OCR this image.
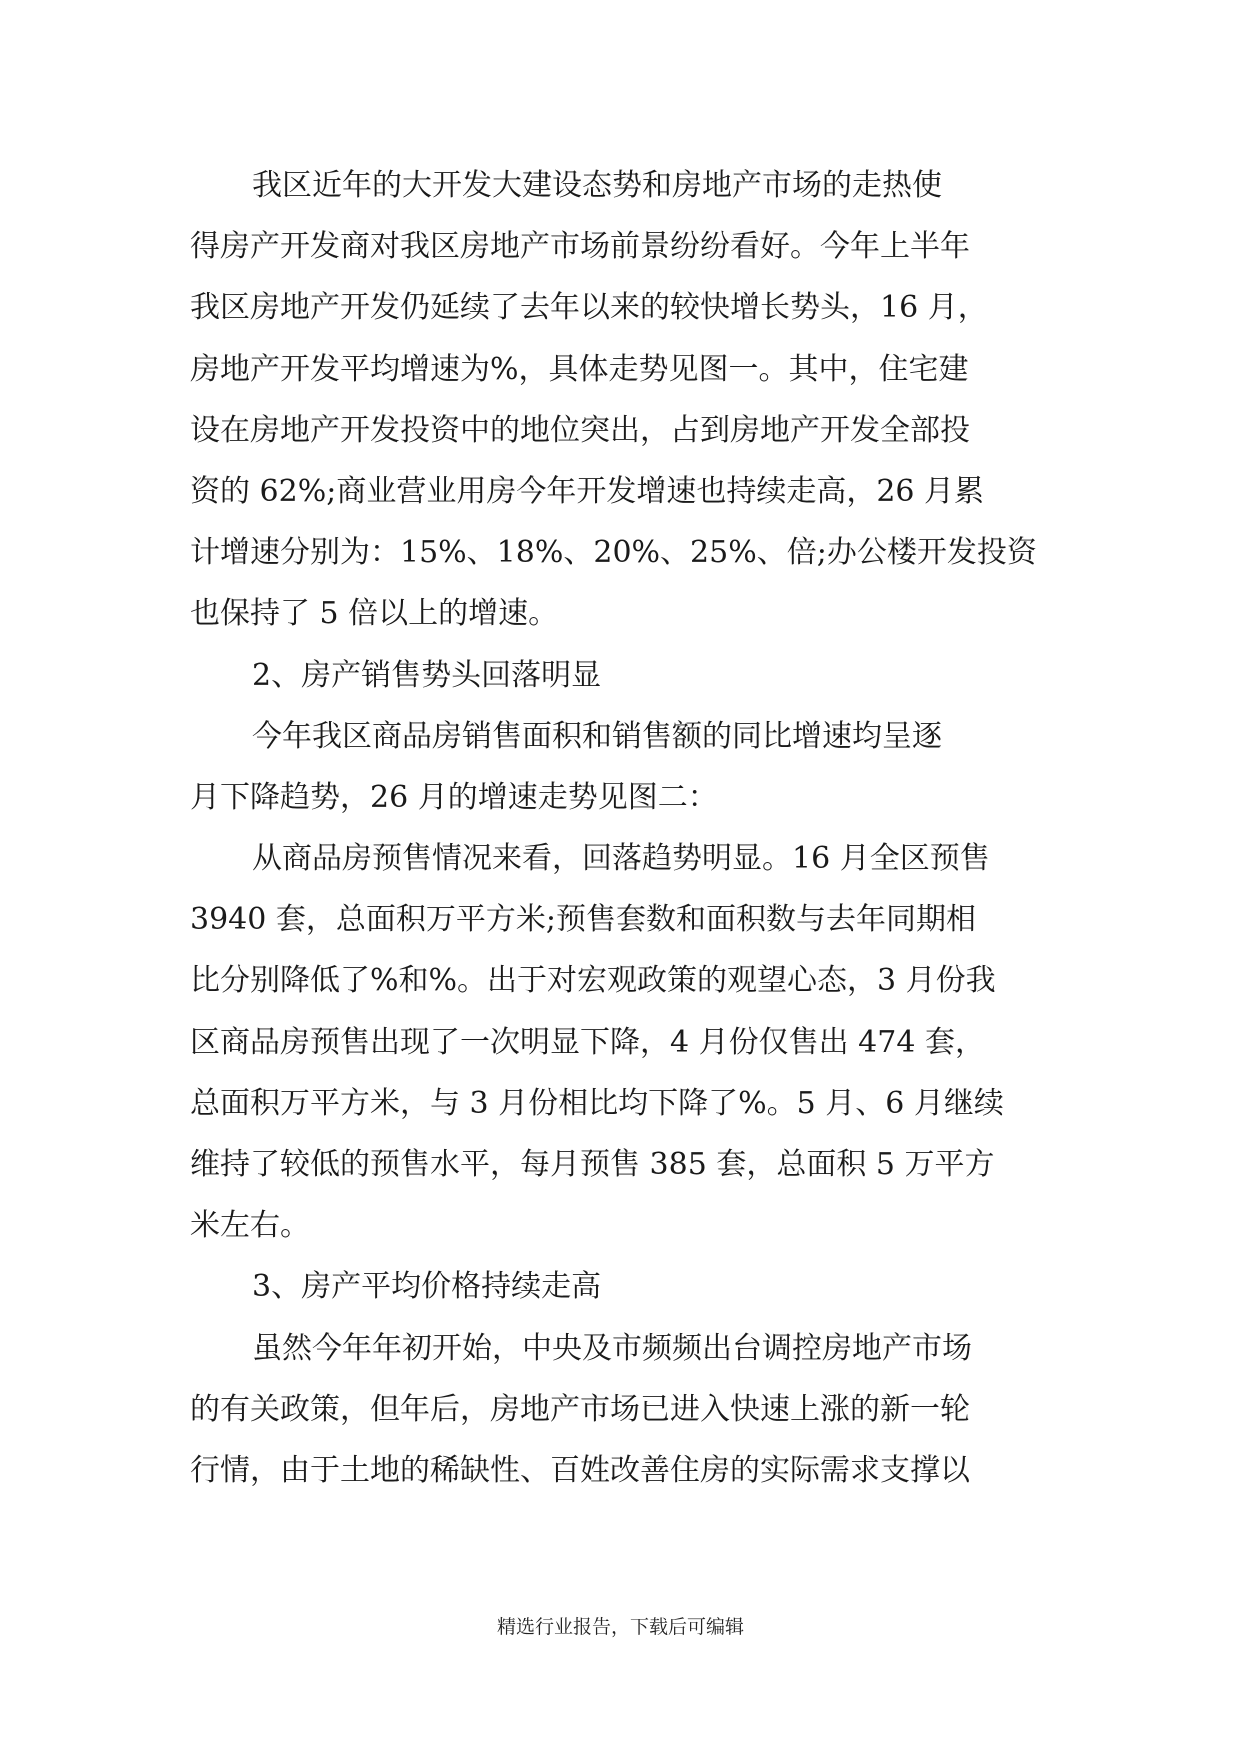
我区近年的大开发大建设态势和房地产市场的走热使
得房产开发商对我区房地产市场前景纷纷看好。今年上半年
我区房地产开发仍延续了去年以来的较快增长势头，16 月，
房地产开发平均增速为%，具体走势见图一。其中，住宅建
设在房地产开发投资中的地位突出，占到房地产开发全部投
资的 62%;商业营业用房今年开发增速也持续走高，26 月累
计增速分别为：15%、18%、20%、25%、倍;办公楼开发投资
也保持了 5 倍以上的增速。
2、房产销售势头回落明显
今年我区商品房销售面积和销售额的同比增速均呈逐
月下降趋势，26 月的增速走势见图二：
从商品房预售情况来看，回落趋势明显。16 月全区预售
3940 套，总面积万平方米;预售套数和面积数与去年同期相
比分别降低了%和%。出于对宏观政策的观望心态，3 月份我
区商品房预售出现了一次明显下降，4 月份仅售出 474 套，
总面积万平方米，与 3 月份相比均下降了%。5 月、6 月继续
维持了较低的预售水平，每月预售 385 套，总面积 5 万平方
米左右。
3、房产平均价格持续走高
虽然今年年初开始，中央及市频频出台调控房地产市场
的有关政策，但年后，房地产市场已进入快速上涨的新一轮
行情，由于土地的稀缺性、百姓改善住房的实际需求支撑以
精选行业报告，下载后可编辑
